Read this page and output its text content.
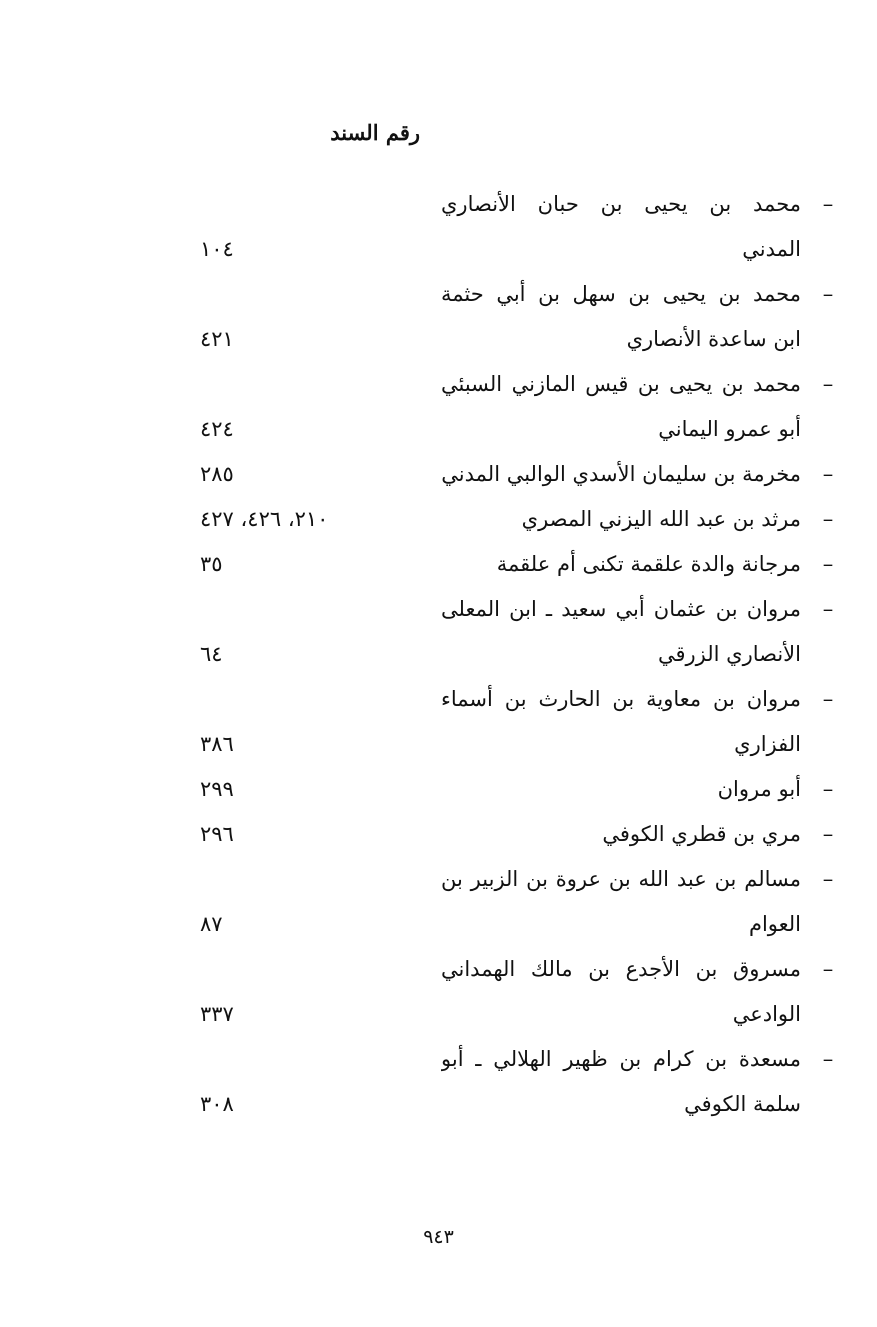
رقم السند
–
محمد بن يحيى بن حبان الأنصاري
المدني
١٠٤
–
محمد بن يحيى بن سهل بن أبي حثمة
ابن ساعدة الأنصاري
٤٢١
–
محمد بن يحيى بن قيس المازني السبئي
أبو عمرو اليماني
٤٢٤
–
مخرمة بن سليمان الأسدي الوالبي المدني
٢٨٥
–
مرثد بن عبد الله اليزني المصري
٢١٠، ٤٢٦، ٤٢٧
–
مرجانة والدة علقمة تكنى أم علقمة
٣٥
–
مروان بن عثمان أبي سعيد ـ ابن المعلى
الأنصاري الزرقي
٦٤
–
مروان بن معاوية بن الحارث بن أسماء
الفزاري
٣٨٦
–
أبو مروان
٢٩٩
–
مري بن قطري الكوفي
٢٩٦
–
مسالم بن عبد الله بن عروة بن الزبير بن
العوام
٨٧
–
مسروق بن الأجدع بن مالك الهمداني
الوادعي
٣٣٧
–
مسعدة بن كرام بن ظهير الهلالي ـ أبو
سلمة الكوفي
٣٠٨
٩٤٣
